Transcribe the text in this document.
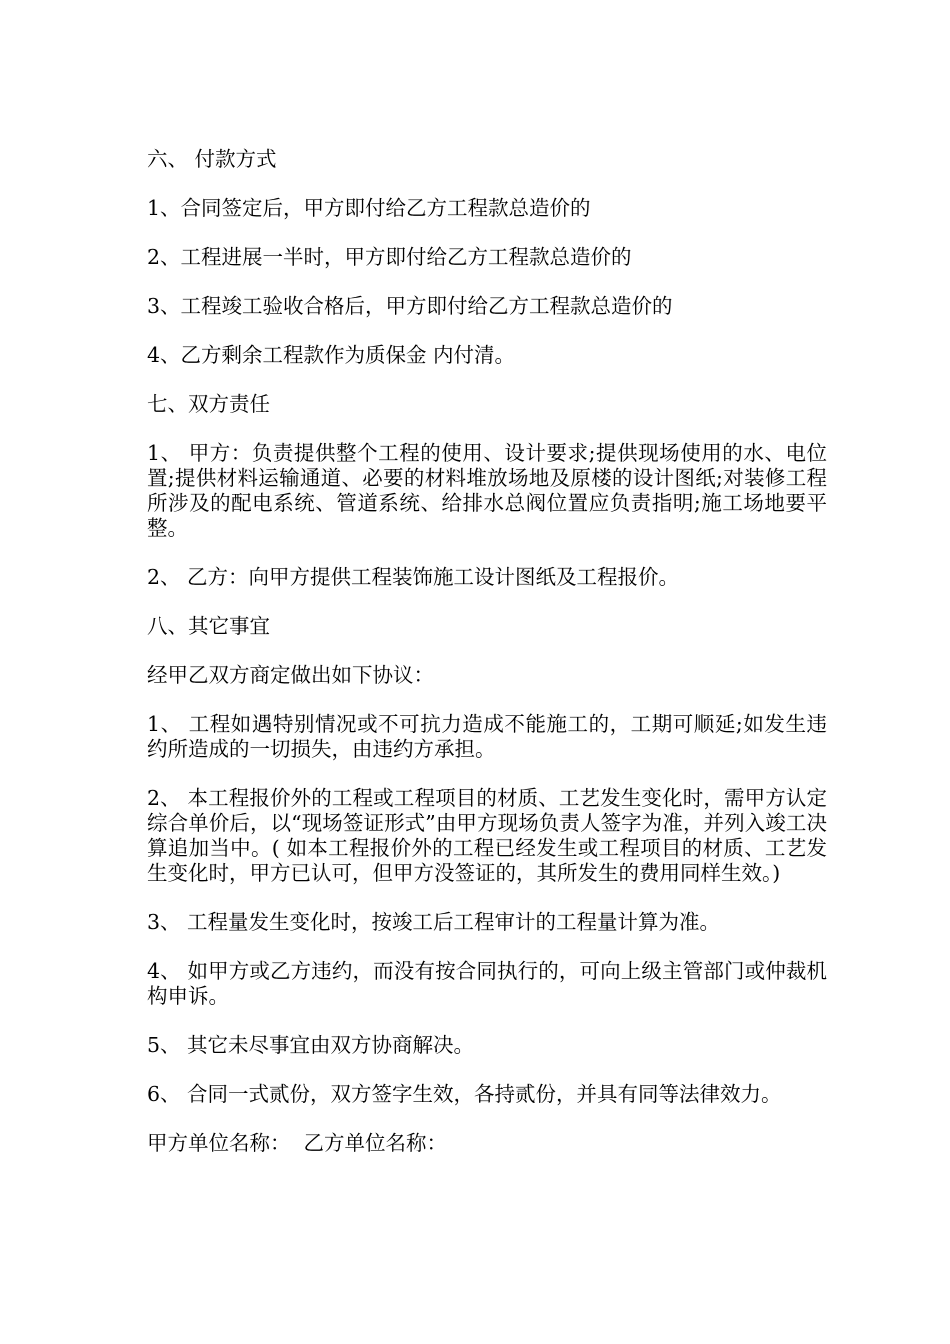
六、 付款方式

1、合同签定后，甲方即付给乙方工程款总造价的

2、工程进展一半时，甲方即付给乙方工程款总造价的

3、工程竣工验收合格后，甲方即付给乙方工程款总造价的

4、乙方剩余工程款作为质保金 内付清。

七、双方责任

1、 甲方：负责提供整个工程的使用、设计要求;提供现场使用的水、电位置;提供材料运输通道、必要的材料堆放场地及原楼的设计图纸;对装修工程所涉及的配电系统、管道系统、给排水总阀位置应负责指明;施工场地要平整。

2、 乙方：向甲方提供工程装饰施工设计图纸及工程报价。

八、其它事宜

经甲乙双方商定做出如下协议：

1、 工程如遇特别情况或不可抗力造成不能施工的，工期可顺延;如发生违约所造成的一切损失，由违约方承担。

2、 本工程报价外的工程或工程项目的材质、工艺发生变化时，需甲方认定综合单价后，以“现场签证形式”由甲方现场负责人签字为准，并列入竣工决算追加当中。( 如本工程报价外的工程已经发生或工程项目的材质、工艺发生变化时，甲方已认可，但甲方没签证的，其所发生的费用同样生效。)

3、 工程量发生变化时，按竣工后工程审计的工程量计算为准。

4、 如甲方或乙方违约，而没有按合同执行的，可向上级主管部门或仲裁机构申诉。

5、 其它未尽事宜由双方协商解决。

6、 合同一式贰份，双方签字生效，各持贰份，并具有同等法律效力。

甲方单位名称：  乙方单位名称：
